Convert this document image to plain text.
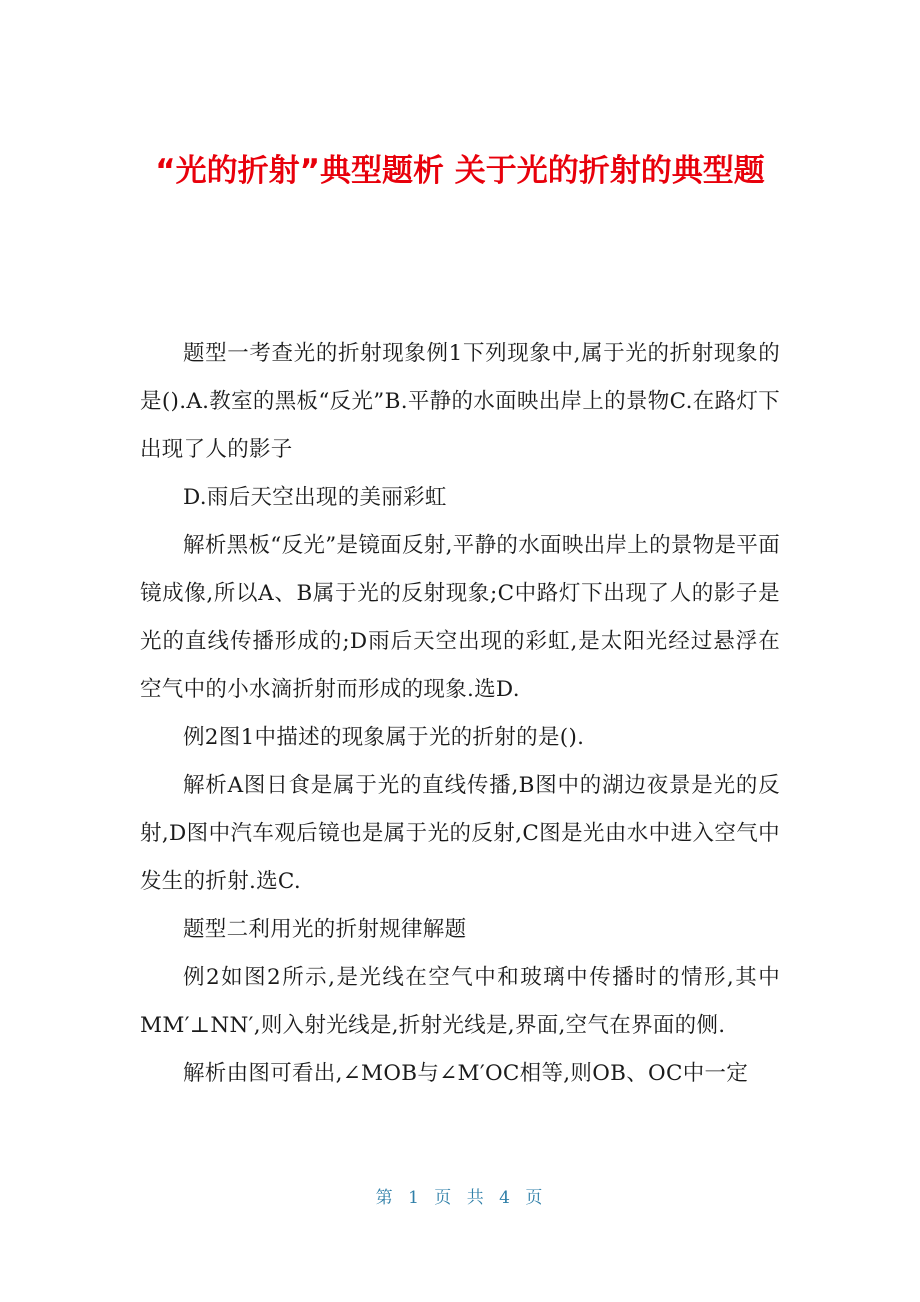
“光的折射”典型题析 关于光的折射的典型题

题型一考查光的折射现象例1下列现象中,属于光的折射现象的是().A.教室的黑板“反光”B.平静的水面映出岸上的景物C.在路灯下出现了人的影子

D.雨后天空出现的美丽彩虹

解析黑板“反光”是镜面反射,平静的水面映出岸上的景物是平面镜成像,所以A、B属于光的反射现象;C中路灯下出现了人的影子是光的直线传播形成的;D雨后天空出现的彩虹,是太阳光经过悬浮在空气中的小水滴折射而形成的现象.选D.

例2图1中描述的现象属于光的折射的是().

解析A图日食是属于光的直线传播,B图中的湖边夜景是光的反射,D图中汽车观后镜也是属于光的反射,C图是光由水中进入空气中发生的折射.选C.

题型二利用光的折射规律解题

例2如图2所示,是光线在空气中和玻璃中传播时的情形,其中MM′⊥NN′,则入射光线是,折射光线是,界面,空气在界面的侧.

解析由图可看出,∠MOB与∠M′OC相等,则OB、OC中一定

第 1 页 共 4 页
